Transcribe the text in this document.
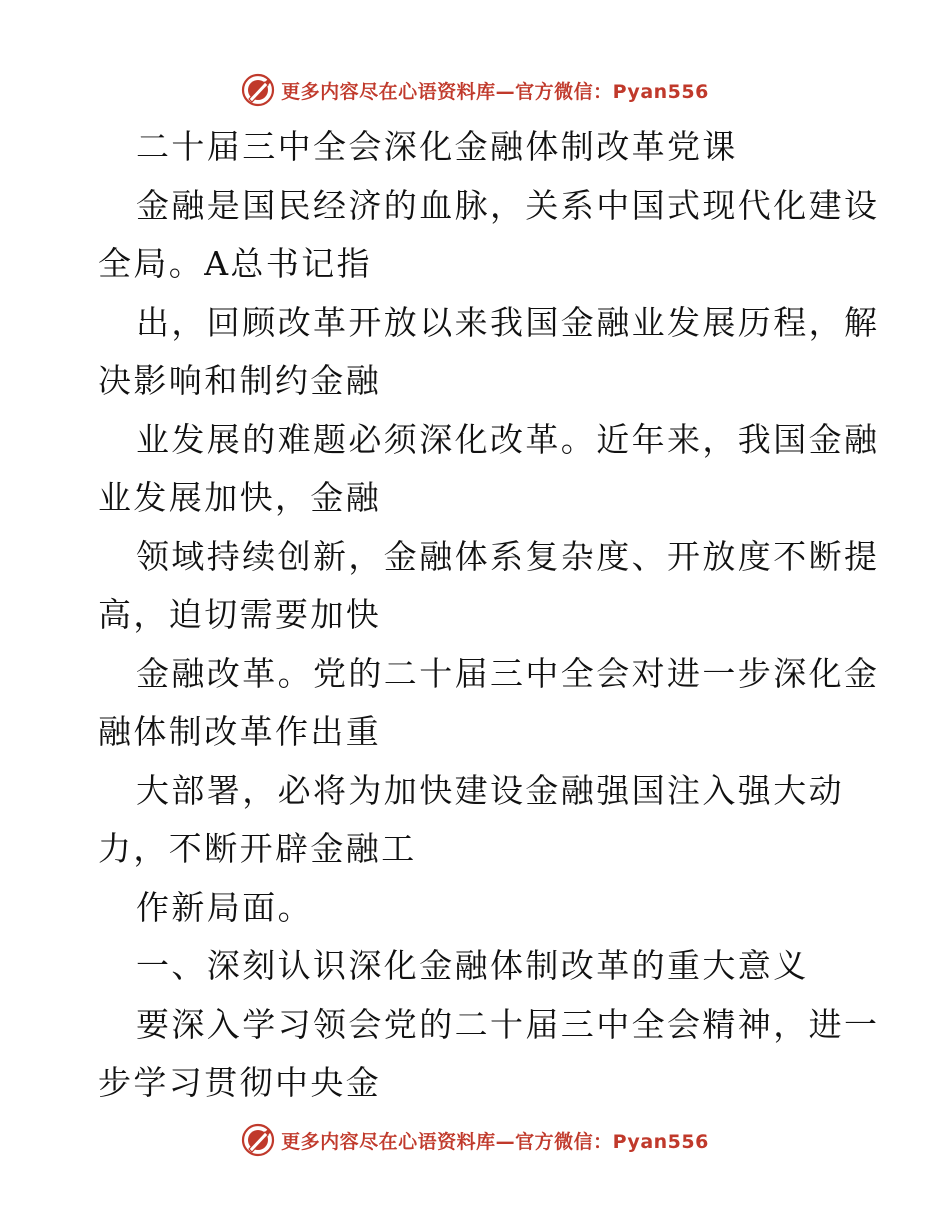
更多内容尽在心语资料库—官方微信：Pyan556
二十届三中全会深化金融体制改革党课
金融是国民经济的血脉，关系中国式现代化建设
全局。A总书记指
出，回顾改革开放以来我国金融业发展历程，解
决影响和制约金融
业发展的难题必须深化改革。近年来，我国金融
业发展加快，金融
领域持续创新，金融体系复杂度、开放度不断提
高，迫切需要加快
金融改革。党的二十届三中全会对进一步深化金
融体制改革作出重
大部署，必将为加快建设金融强国注入强大动
力，不断开辟金融工
作新局面。
一、深刻认识深化金融体制改革的重大意义
要深入学习领会党的二十届三中全会精神，进一
步学习贯彻中央金
更多内容尽在心语资料库—官方微信：Pyan556
